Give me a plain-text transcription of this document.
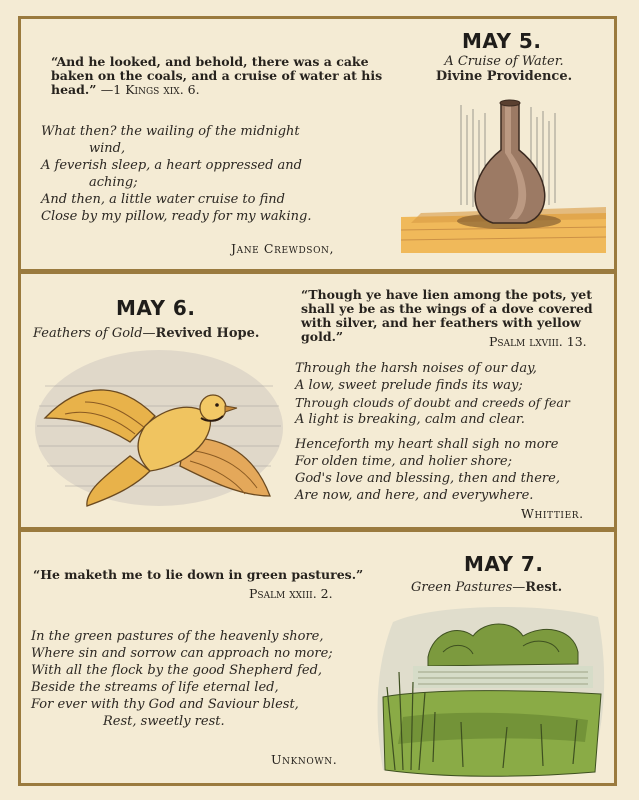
“And he looked, and behold, there was a cake baken on the coals, and a cruise of water at his head.” —1 Kings xix. 6.
What then? the wailing of the midnight
wind,
A feverish sleep, a heart oppressed and
aching;
And then, a little water cruise to find
Close by my pillow, ready for my waking.
Jane Crewdson,
MAY 5.
A Cruise of Water.
Divine Providence.
MAY 6.
Feathers of Gold—Revived Hope.
“Though ye have lien among the pots, yet shall ye be as the wings of a dove covered with silver, and her feathers with yellow gold.”	Psalm lxviii. 13.
Through the harsh noises of our day,
A low, sweet prelude finds its way;
Through clouds of doubt and creeds of fear
A light is breaking, calm and clear.
Henceforth my heart shall sigh no more
For olden time, and holier shore;
God's love and blessing, then and there,
Are now, and here, and everywhere.
Whittier.
“He maketh me to lie down in green pastures.”
Psalm xxiii. 2.
In the green pastures of the heavenly shore,
Where sin and sorrow can approach no more;
With all the flock by the good Shepherd fed,
Beside the streams of life eternal led,
For ever with thy God and Saviour blest,
Rest, sweetly rest.
Unknown.
MAY 7.
Green Pastures—Rest.
